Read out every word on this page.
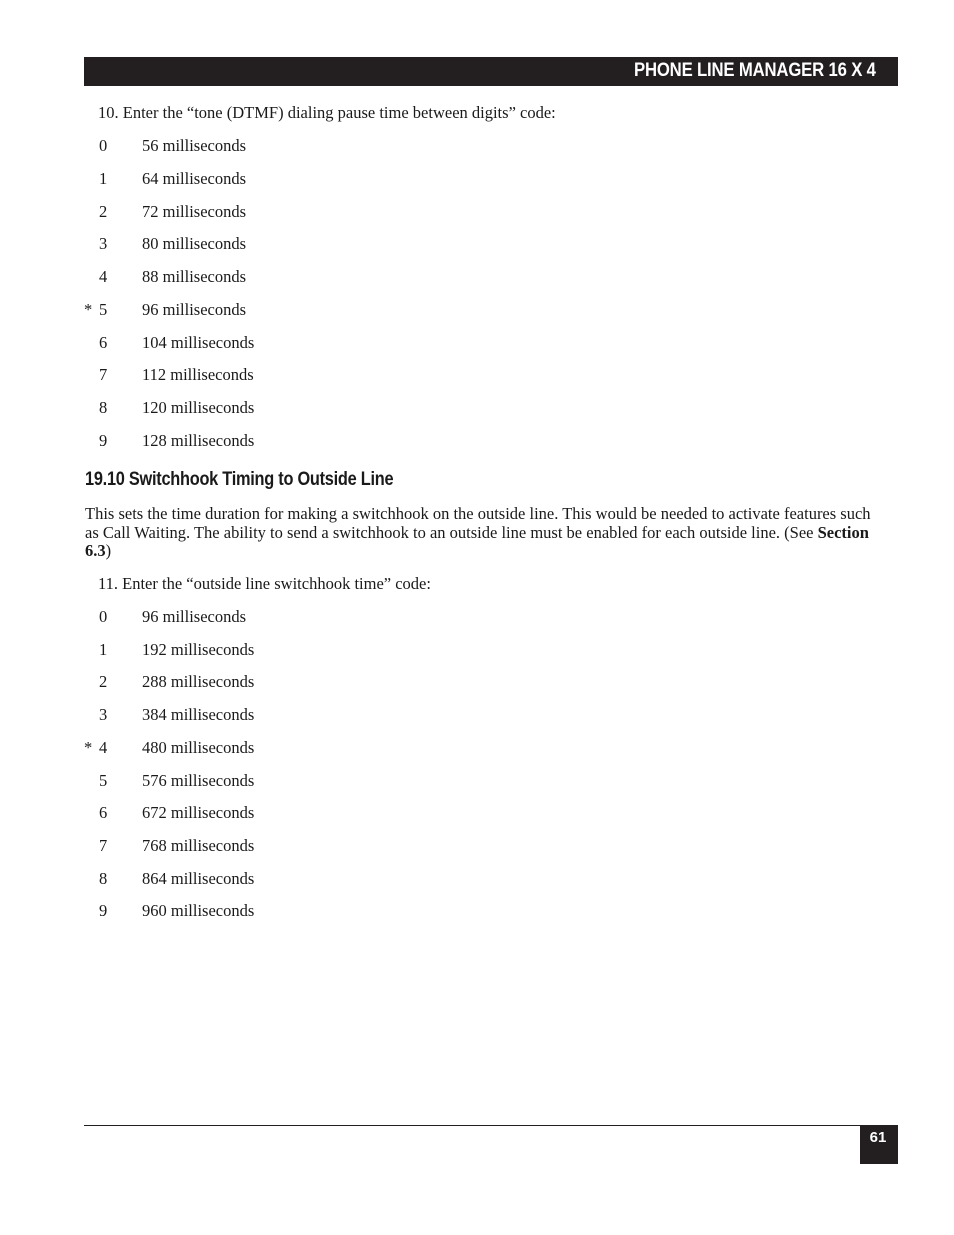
PHONE LINE MANAGER 16 X 4
10. Enter the “tone (DTMF) dialing pause time between digits” code:
0 56 milliseconds
1 64 milliseconds
2 72 milliseconds
3 80 milliseconds
4 88 milliseconds
* 5 96 milliseconds
6 104 milliseconds
7 112 milliseconds
8 120 milliseconds
9 128 milliseconds
19.10 Switchhook Timing to Outside Line
This sets the time duration for making a switchhook on the outside line. This would be needed to activate features such as Call Waiting. The ability to send a switchhook to an outside line must be enabled for each outside line. (See Section 6.3)
11. Enter the “outside line switchhook time” code:
0 96 milliseconds
1 192 milliseconds
2 288 milliseconds
3 384 milliseconds
* 4 480 milliseconds
5 576 milliseconds
6 672 milliseconds
7 768 milliseconds
8 864 milliseconds
9 960 milliseconds
61
